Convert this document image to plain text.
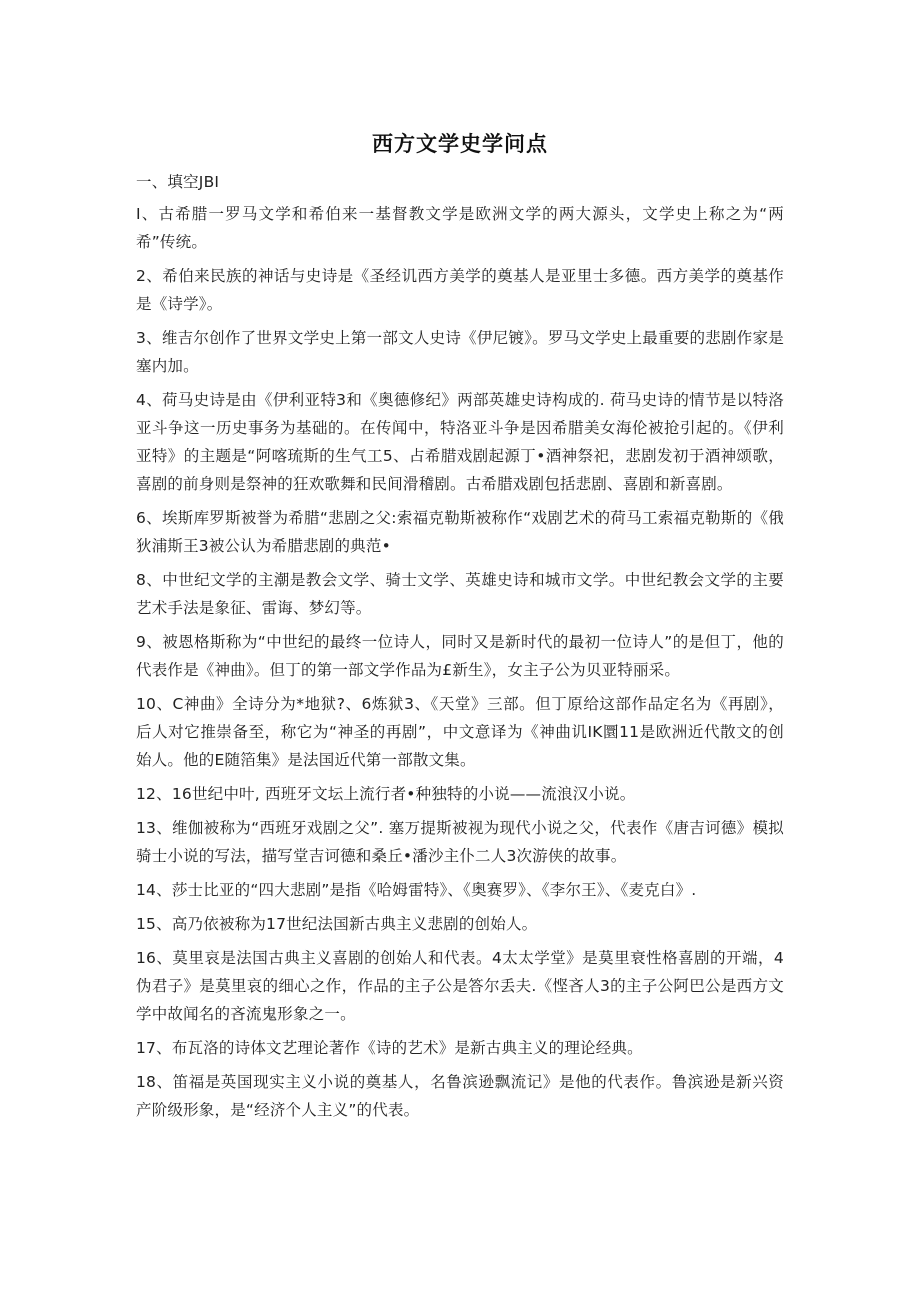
西方文学史学问点

一、填空JBI

I、古希腊一罗马文学和希伯来一基督教文学是欧洲文学的两大源头，文学史上称之为“两希”传统。

2、希伯来民族的神话与史诗是《圣经讥西方美学的奠基人是亚里士多德。西方美学的奠基作是《诗学》。

3、维吉尔创作了世界文学史上第一部文人史诗《伊尼镀》。罗马文学史上最重要的悲剧作家是塞内加。

4、荷马史诗是由《伊利亚特3和《奥德修纪》两部英雄史诗构成的. 荷马史诗的情节是以特洛亚斗争这一历史事务为基础的。在传闻中，特洛亚斗争是因希腊美女海伦被抢引起的。《伊利亚特》的主题是“阿喀琉斯的生气工5、占希腊戏剧起源丁•酒神祭祀，悲剧发初于酒神颂歌，喜剧的前身则是祭神的狂欢歌舞和民间滑稽剧。古希腊戏剧包括悲剧、喜剧和新喜剧。

6、埃斯库罗斯被誉为希腊“悲剧之父:索福克勒斯被称作“戏剧艺术的荷马工索福克勒斯的《俄狄浦斯王3被公认为希腊悲剧的典范•

8、中世纪文学的主潮是教会文学、骑士文学、英雄史诗和城市文学。中世纪教会文学的主要艺术手法是象征、雷诲、梦幻等。

9、被恩格斯称为“中世纪的最终一位诗人，同时又是新时代的最初一位诗人”的是但丁，他的代表作是《神曲》。但丁的第一部文学作品为£新生》，女主子公为贝亚特丽采。

10、C神曲》全诗分为*地狱?、6炼狱3、《天堂》三部。但丁原给这部作品定名为《再剧》，后人对它推崇备至，称它为“神圣的再剧”，中文意译为《神曲讥IK圜11是欧洲近代散文的创始人。他的E随箔集》是法国近代第一部散文集。

12、16世纪中叶, 西班牙文坛上流行者•种独特的小说——流浪汉小说。

13、维伽被称为“西班牙戏剧之父”. 塞万提斯被视为现代小说之父，代表作《唐吉诃德》模拟骑士小说的写法，描写堂吉诃德和桑丘•潘沙主仆二人3次游侠的故事。

14、莎士比亚的“四大悲剧”是指《哈姆雷特》、《奥赛罗》、《李尔王》、《麦克白》.

15、高乃依被称为17世纪法国新古典主义悲剧的创始人。

16、莫里哀是法国古典主义喜剧的创始人和代表。4太太学堂》是莫里衰性格喜剧的开端，4伪君子》是莫里哀的细心之作，作品的主子公是答尔丢夫.《悭吝人3的主子公阿巴公是西方文学中故闻名的吝流鬼形象之一。

17、布瓦洛的诗体文艺理论著作《诗的艺术》是新古典主义的理论经典。

18、笛福是英国现实主义小说的奠基人，名鲁滨逊飘流记》是他的代表作。鲁滨逊是新兴资产阶级形象，是“经济个人主义”的代表。
